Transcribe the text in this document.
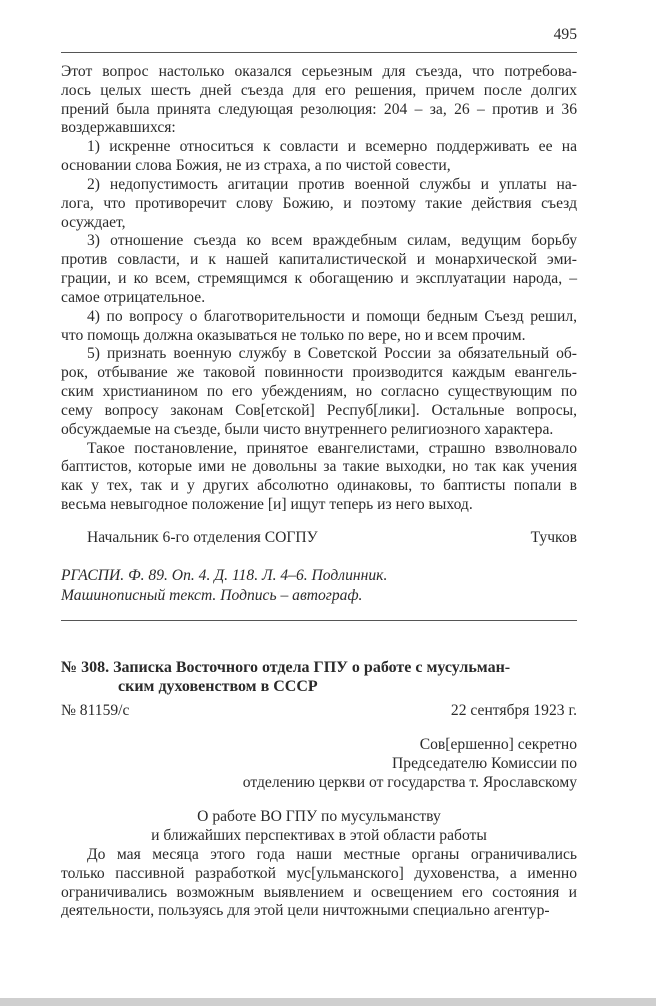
495
Этот вопрос настолько оказался серьезным для съезда, что потребова-
лось целых шесть дней съезда для его решения, причем после долгих
прений была принята следующая резолюция: 204 – за, 26 – против и 36
воздержавшихся:
1) искренне относиться к совласти и всемерно поддерживать ее на
основании слова Божия, не из страха, а по чистой совести,
2) недопустимость агитации против военной службы и уплаты на-
лога, что противоречит слову Божию, и поэтому такие действия съезд
осуждает,
3) отношение съезда ко всем враждебным силам, ведущим борьбу
против совласти, и к нашей капиталистической и монархической эми-
грации, и ко всем, стремящимся к обогащению и эксплуатации народа, –
самое отрицательное.
4) по вопросу о благотворительности и помощи бедным Съезд решил,
что помощь должна оказываться не только по вере, но и всем прочим.
5) признать военную службу в Советской России за обязательный об-
рок, отбывание же таковой повинности производится каждым евангель-
ским христианином по его убеждениям, но согласно существующим по
сему вопросу законам Сов[етской] Респуб[лики]. Остальные вопросы,
обсуждаемые на съезде, были чисто внутреннего религиозного характера.
Такое постановление, принятое евангелистами, страшно взволновало
баптистов, которые ими не довольны за такие выходки, но так как учения
как у тех, так и у других абсолютно одинаковы, то баптисты попали в
весьма невыгодное положение [и] ищут теперь из него выход.
Начальник 6-го отделения СОГПУ	Тучков
РГАСПИ. Ф. 89. Оп. 4. Д. 118. Л. 4–6. Подлинник.
Машинописный текст. Подпись – автограф.
№ 308. Записка Восточного отдела ГПУ о работе с мусульман-
ским духовенством в СССР
№ 81159/с	22 сентября 1923 г.
Сов[ершенно] секретно
Председателю Комиссии по
отделению церкви от государства т. Ярославскому
О работе ВО ГПУ по мусульманству
и ближайших перспективах в этой области работы
До мая месяца этого года наши местные органы ограничивались
только пассивной разработкой мус[ульманского] духовенства, а именно
ограничивались возможным выявлением и освещением его состояния и
деятельности, пользуясь для этой цели ничтожными специально агентур-
